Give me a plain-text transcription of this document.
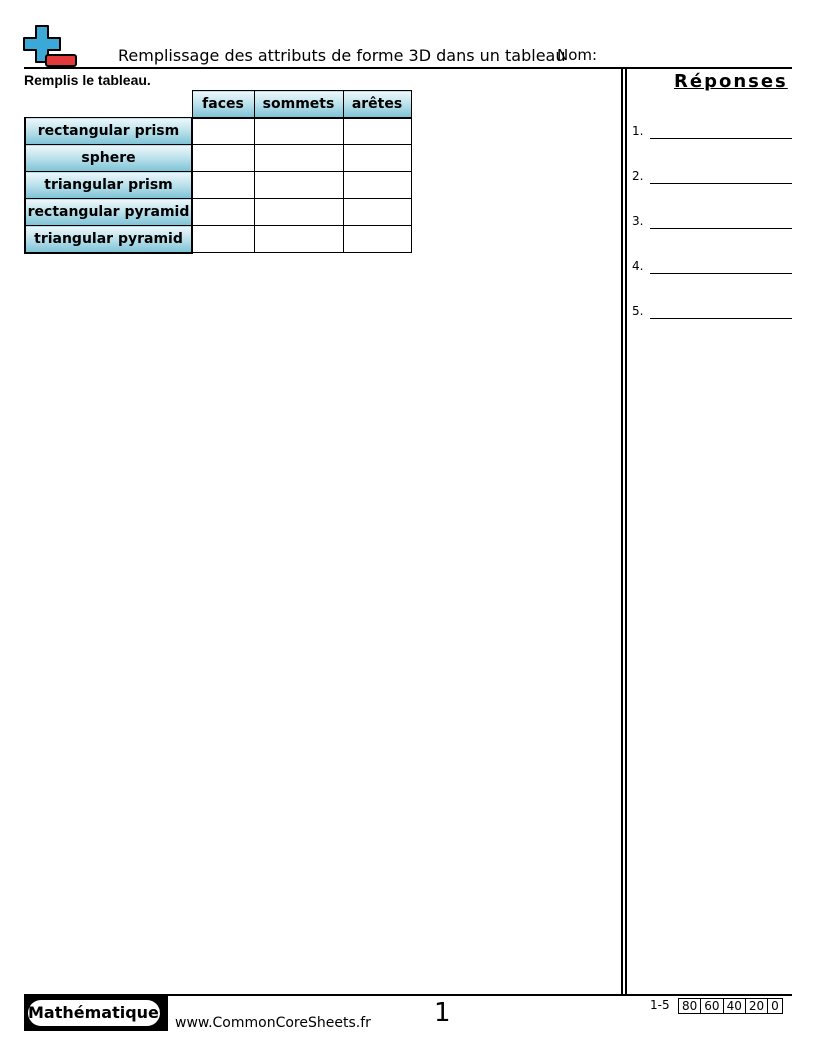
Remplissage des attributs de forme 3D dans un tableau
Nom:
Remplis le tableau.
	faces	sommets	arêtes
rectangular prism			
sphere			
triangular prism			
rectangular pyramid			
triangular pyramid			
Réponses
1.
2.
3.
4.
5.
Mathématiques
www.CommonCoreSheets.fr 1	1-5 80	60	40	20	0
